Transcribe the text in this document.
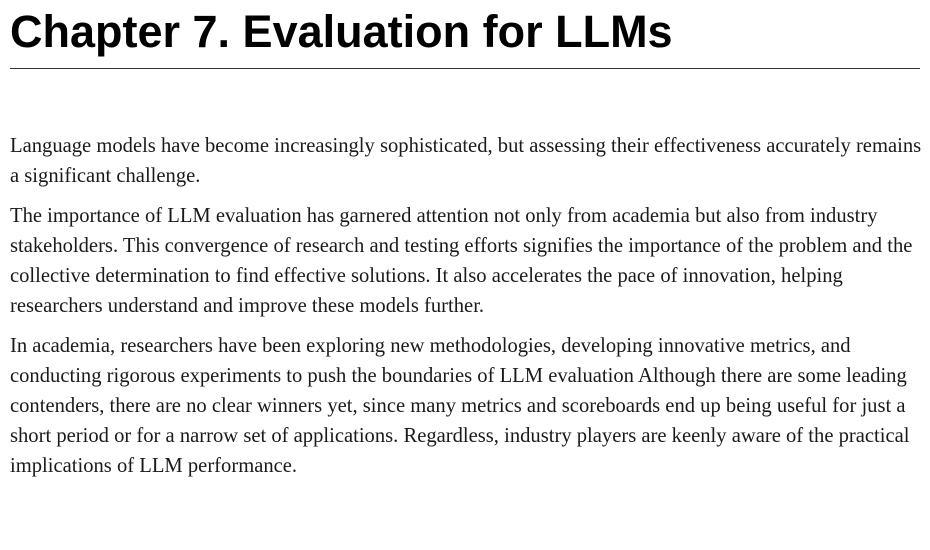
Chapter 7. Evaluation for LLMs

Language models have become increasingly sophisticated, but assessing their effectiveness accurately remains a significant challenge.

The importance of LLM evaluation has garnered attention not only from academia but also from industry stakeholders. This convergence of research and testing efforts signifies the importance of the problem and the collective determination to find effective solutions. It also accelerates the pace of innovation, helping researchers understand and improve these models further.

In academia, researchers have been exploring new methodologies, developing innovative metrics, and conducting rigorous experiments to push the boundaries of LLM evaluation Although there are some leading contenders, there are no clear winners yet, since many metrics and scoreboards end up being useful for just a short period or for a narrow set of applications. Regardless, industry players are keenly aware of the practical implications of LLM performance.
